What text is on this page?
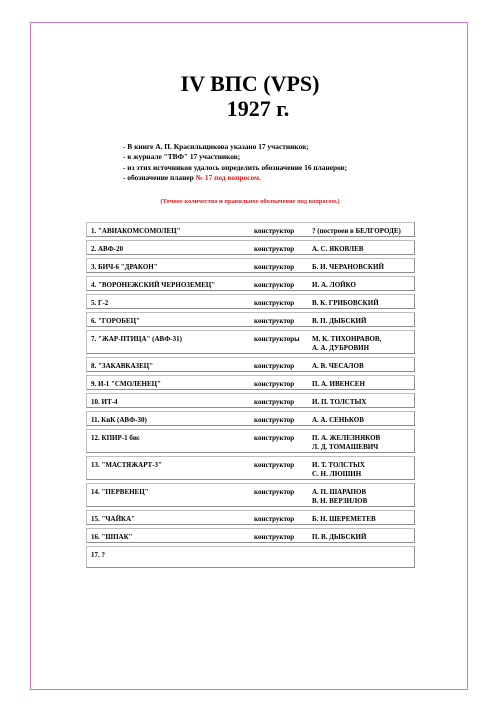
IV ВПС (VPS)
1927 г.
- В книге А. П. Красильщикова указано 17 участников;
- в журнале "ТВФ" 17 участников;
- из этих источников удалось определить обозначение 16 планеров;
- обозначение планер № 17 под вопросом.
(Точное количество и правильное обозначение под вопросом.)
1. "АВИАКОМСОМОЛЕЦ"	конструктор	? (построен в БЕЛГОРОДЕ)
2. АВФ-20	конструктор	А. С. ЯКОВЛЕВ
3. БИЧ-6 "ДРАКОН"	конструктор	Б. И. ЧЕРАНОВСКИЙ
4. "ВОРОНЕЖСКИЙ ЧЕРНОЗЕМЕЦ"	конструктор	И. А. ЛОЙКО
5. Г-2	конструктор	В. К. ГРИБОВСКИЙ
6. "ГОРОБЕЦ"	конструктор	В. П. ДЫБСКИЙ
7. "ЖАР-ПТИЦА" (АВФ-31)	конструкторы М. К. ТИХОНРАВОВ,
А. А. ДУБРОВИН
8. "ЗАКАВКАЗЕЦ"	конструктор	А. В. ЧЕСАЛОВ
9. И-1 "СМОЛЕНЕЦ"	конструктор	П. А. ИВЕНСЕН
10. ИТ-4	конструктор	И. П. ТОЛСТЫХ
11. КиК (АВФ-30)	конструктор	А. А. СЕНЬКОВ
12. КПИР-1 бис	конструктор	П. А. ЖЕЛЕЗНЯКОВ
Л. Д. ТОМАШЕВИЧ
13. "МАСТЯЖАРТ-3"	конструктор	И. Т. ТОЛСТЫХ
С. Н. ЛЮШИН
14. "ПЕРВЕНЕЦ"	конструктор	А. П. ШАРАПОВ
В. Н. ВЕРЗИЛОВ
15. "ЧАЙКА"	конструктор	Б. Н. ШЕРЕМЕТЕВ
16. "ШПАК"	конструктор	П. В. ДЫБСКИЙ
17. ?
